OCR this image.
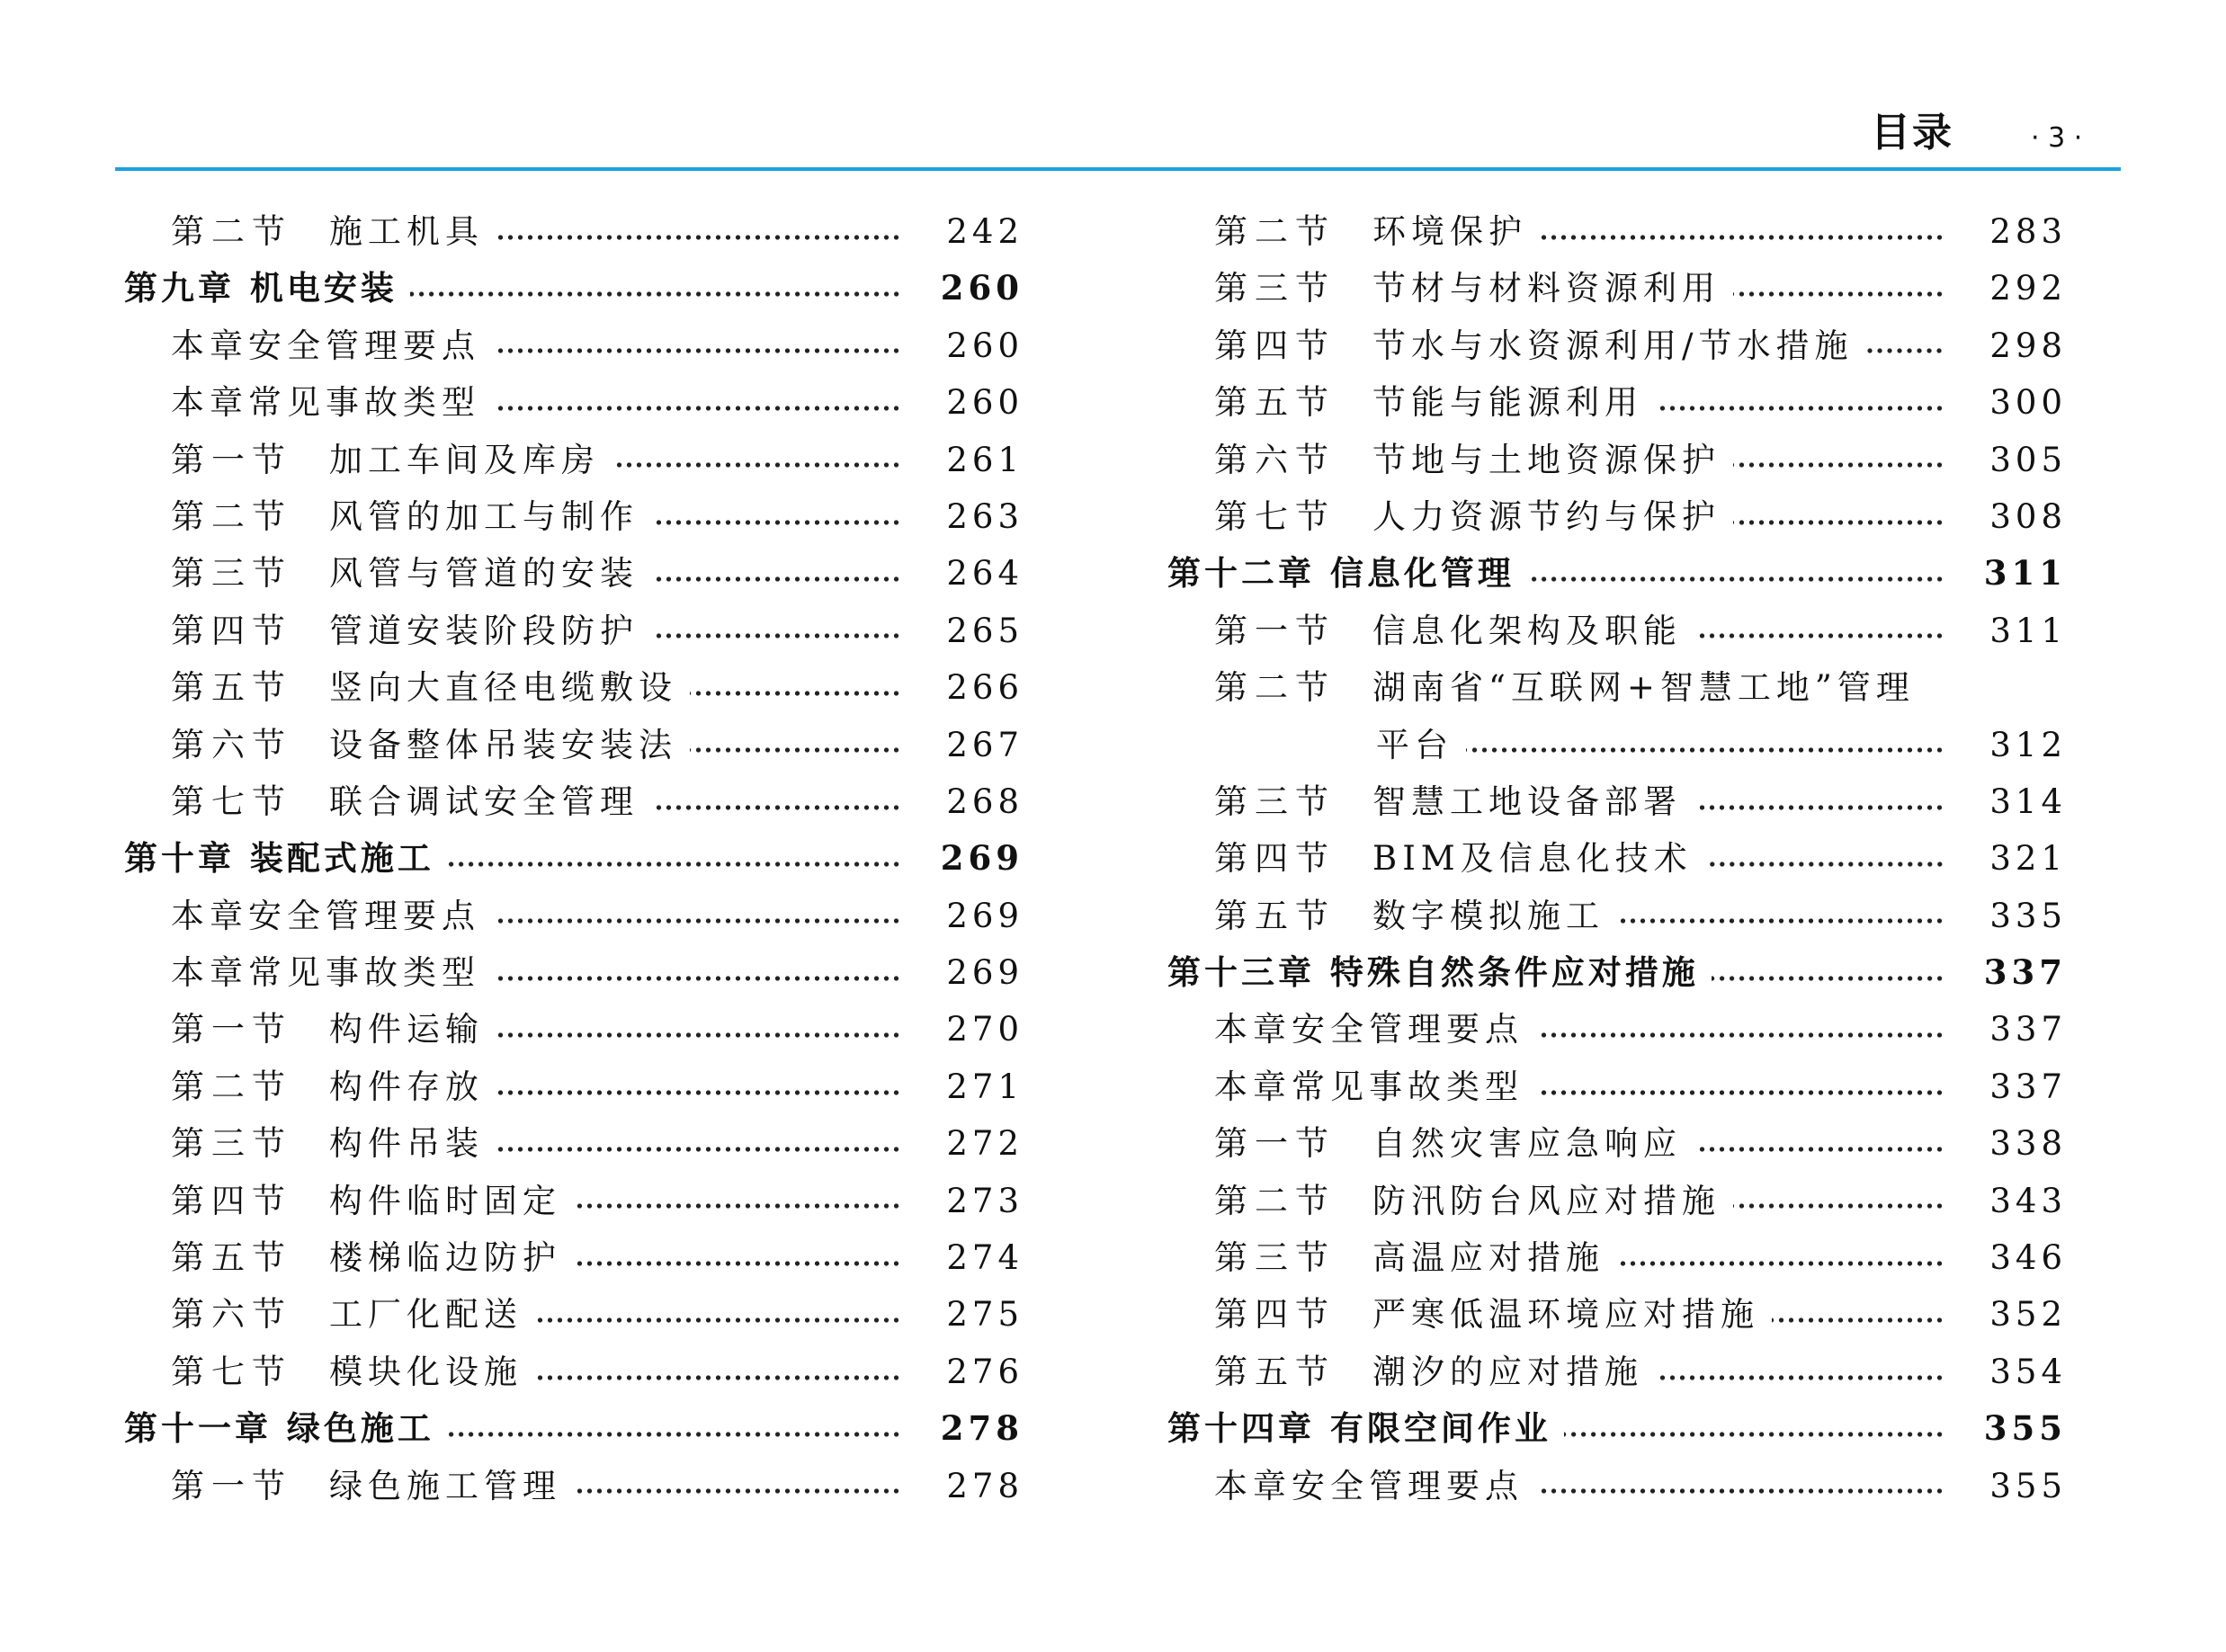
目录	· 3 ·
第二节	施工机具	242
第九章 机电安装	260
本章安全管理要点	260
本章常见事故类型	260
第一节	加工车间及库房	261
第二节	风管的加工与制作	263
第三节	风管与管道的安装	264
第四节	管道安装阶段防护	265
第五节	竖向大直径电缆敷设	266
第六节	设备整体吊装安装法	267
第七节	联合调试安全管理	268
第十章 装配式施工	269
本章安全管理要点	269
本章常见事故类型	269
第一节	构件运输	270
第二节	构件存放	271
第三节	构件吊装	272
第四节	构件临时固定	273
第五节	楼梯临边防护	274
第六节	工厂化配送	275
第七节	模块化设施	276
第十一章 绿色施工	278
第一节	绿色施工管理	278
第二节	环境保护	283
第三节	节材与材料资源利用	292
第四节	节水与水资源利用/节水措施	298
第五节	节能与能源利用	300
第六节	节地与土地资源保护	305
第七节	人力资源节约与保护	308
第十二章 信息化管理	311
第一节	信息化架构及职能	311
第二节	湖南省“互联网+智慧工地”管理
平台	312
第三节	智慧工地设备部署	314
第四节	BIM及信息化技术	321
第五节	数字模拟施工	335
第十三章 特殊自然条件应对措施	337
本章安全管理要点	337
本章常见事故类型	337
第一节	自然灾害应急响应	338
第二节	防汛防台风应对措施	343
第三节	高温应对措施	346
第四节	严寒低温环境应对措施	352
第五节	潮汐的应对措施	354
第十四章 有限空间作业	355
本章安全管理要点	355
